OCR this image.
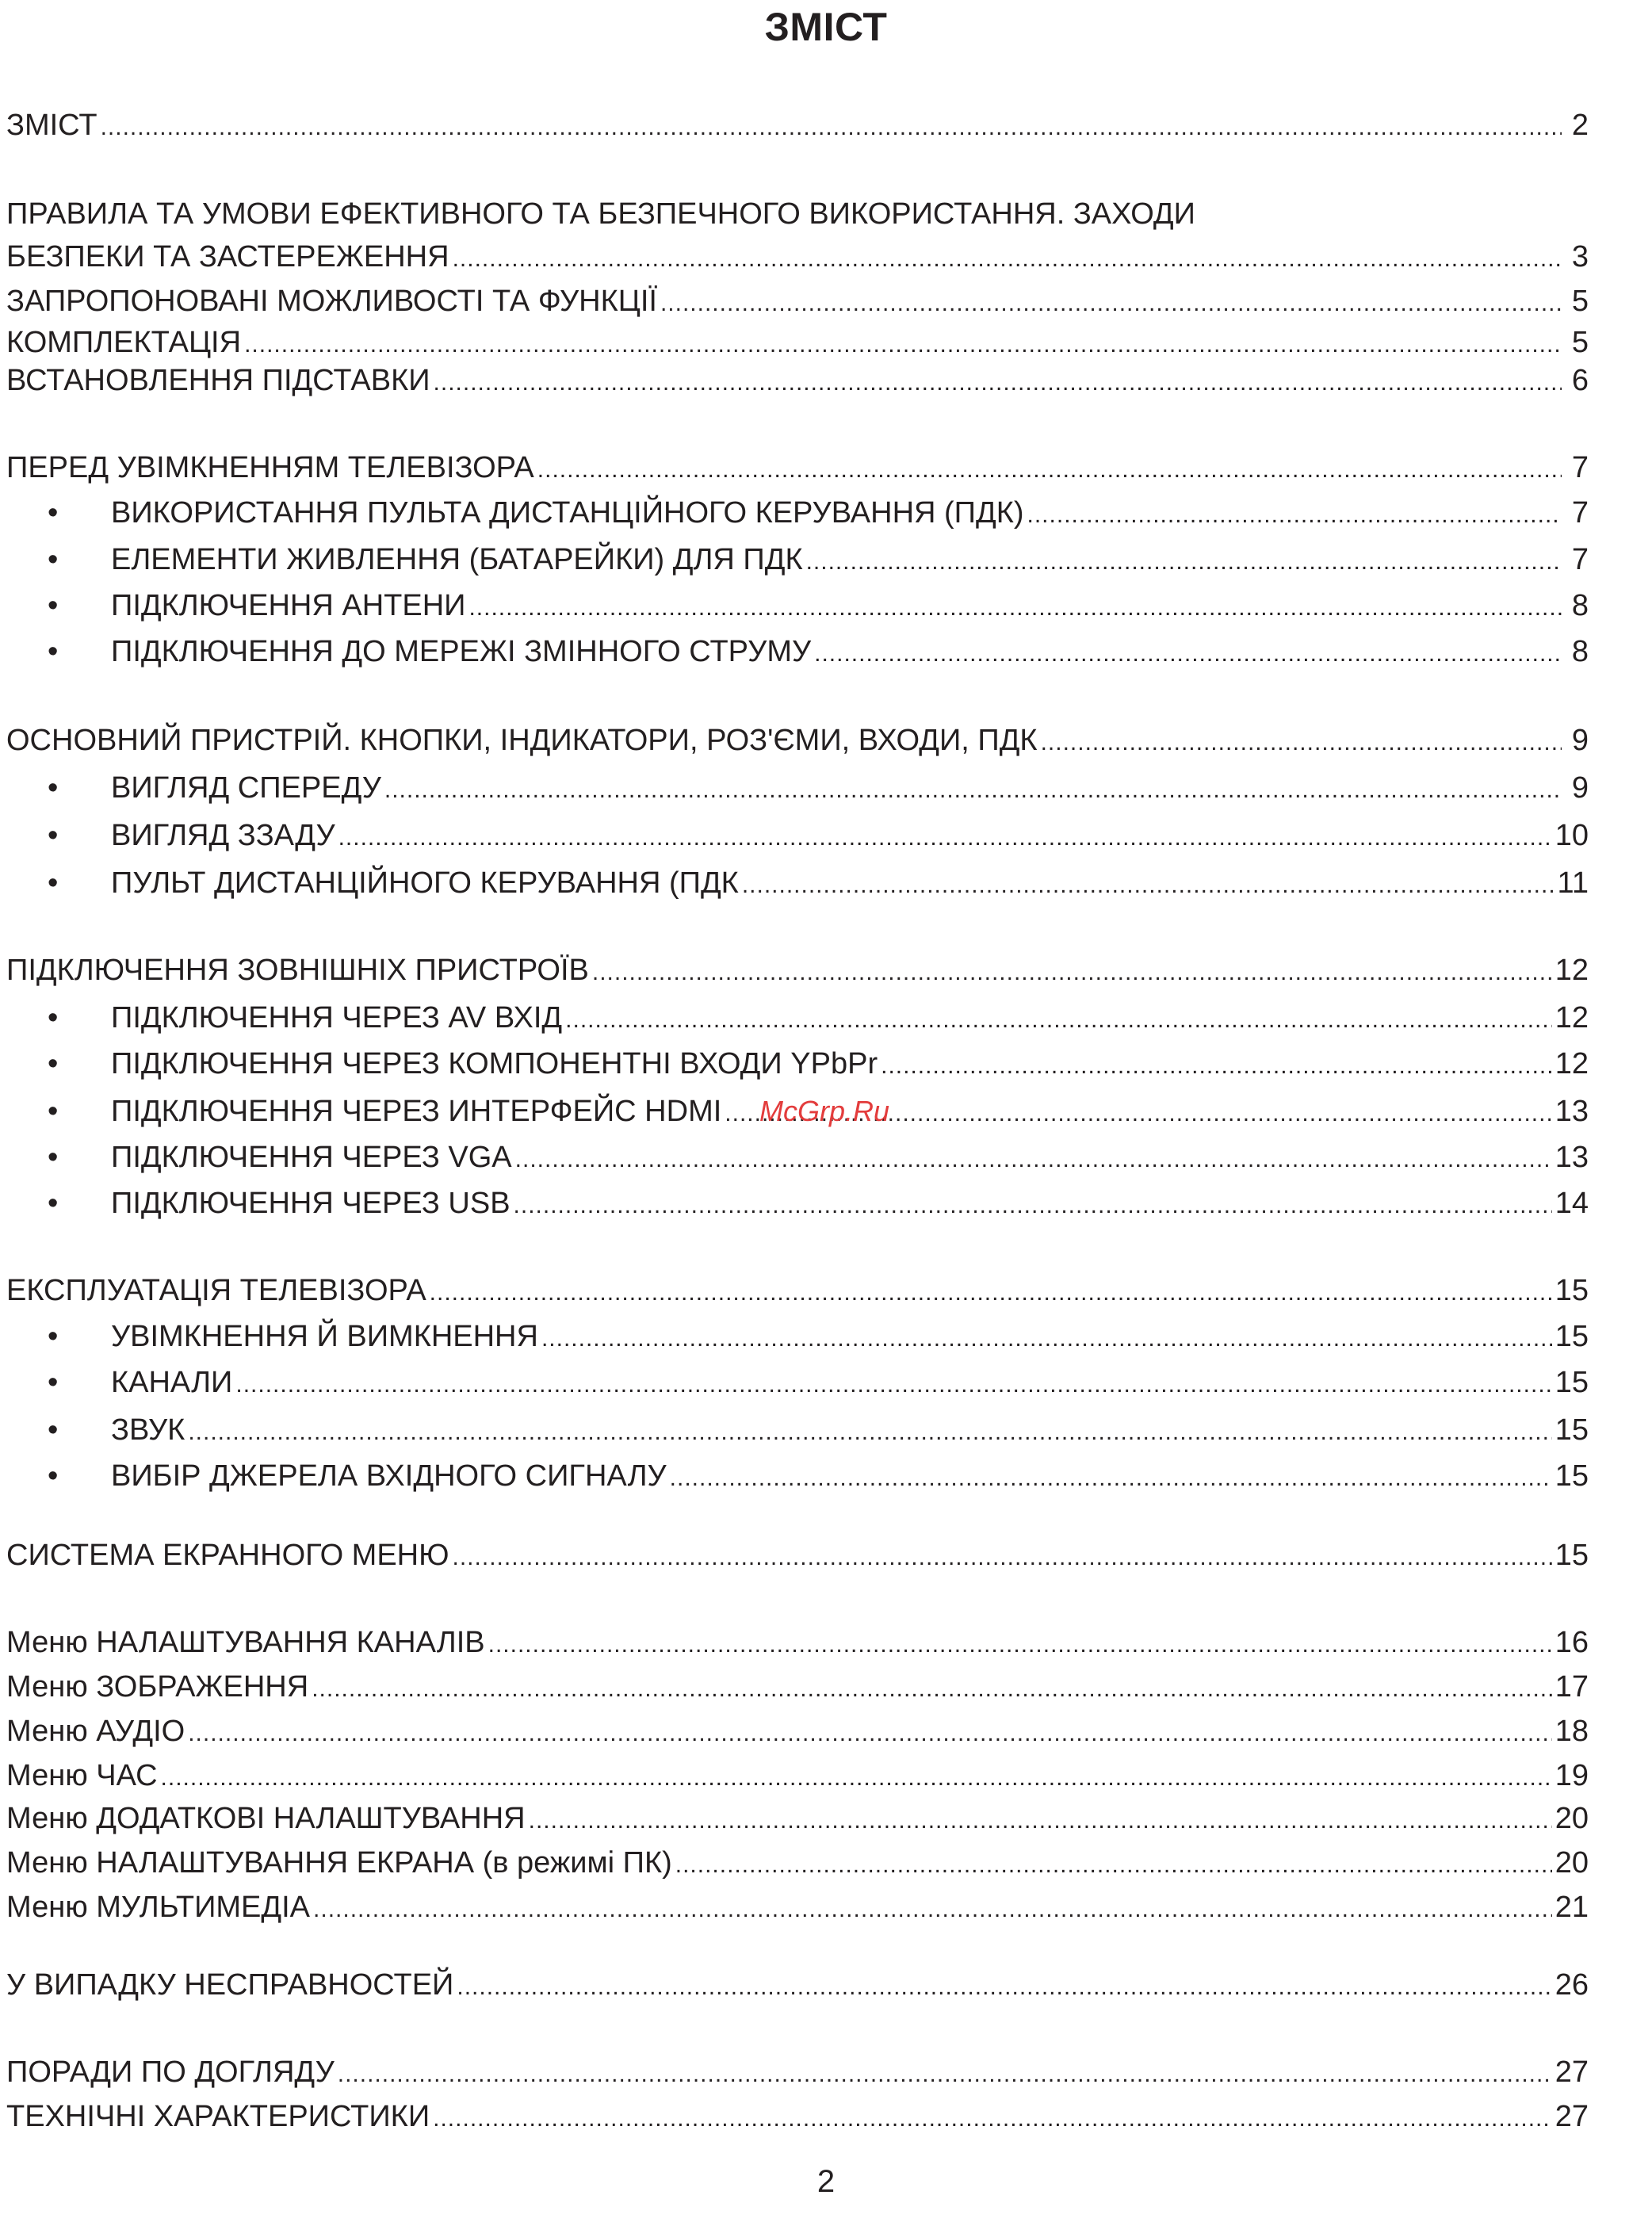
ЗМІСТ
ЗМІСТ .....	2
ПРАВИЛА ТА УМОВИ ЕФЕКТИВНОГО ТА БЕЗПЕЧНОГО ВИКОРИСТАННЯ. ЗАХОДИ
БЕЗПЕКИ ТА ЗАСТЕРЕЖЕННЯ .....	3
ЗАПРОПОНОВАНІ МОЖЛИВОСТІ ТА ФУНКЦІЇ .....	5
КОМПЛЕКТАЦІЯ .....	5
ВСТАНОВЛЕННЯ ПІДСТАВКИ .....	6
ПЕРЕД УВІМКНЕННЯМ ТЕЛЕВІЗОРА .....	7
•	ВИКОРИСТАННЯ ПУЛЬТА ДИСТАНЦІЙНОГО КЕРУВАННЯ (ПДК) .....	7
•	ЕЛЕМЕНТИ ЖИВЛЕННЯ (БАТАРЕЙКИ) ДЛЯ ПДК .....	7
•	ПІДКЛЮЧЕННЯ АНТЕНИ .....	8
•	ПІДКЛЮЧЕННЯ ДО МЕРЕЖІ ЗМІННОГО СТРУМУ .....	8
ОСНОВНИЙ ПРИСТРІЙ. КНОПКИ, ІНДИКАТОРИ, РОЗ'ЄМИ, ВХОДИ, ПДК .....	9
•	ВИГЛЯД СПЕРЕДУ .....	9
•	ВИГЛЯД ЗЗАДУ .....	10
•	ПУЛЬТ ДИСТАНЦІЙНОГО КЕРУВАННЯ (ПДК .....	11
ПІДКЛЮЧЕННЯ ЗОВНІШНІХ ПРИСТРОЇВ .....	12
•	ПІДКЛЮЧЕННЯ ЧЕРЕЗ AV ВХІД .....	12
•	ПІДКЛЮЧЕННЯ ЧЕРЕЗ КОМПОНЕНТНІ ВХОДИ YPbPr .....	12
•	ПІДКЛЮЧЕННЯ ЧЕРЕЗ ИНТЕРФЕЙС HDMI .....	13
•	ПІДКЛЮЧЕННЯ ЧЕРЕЗ VGA .....	13
•	ПІДКЛЮЧЕННЯ ЧЕРЕЗ USB .....	14
ЕКСПЛУАТАЦІЯ ТЕЛЕВІЗОРА .....	15
•	УВІМКНЕННЯ Й ВИМКНЕННЯ .....	15
•	КАНАЛИ .....	15
•	ЗВУК .....	15
•	ВИБІР ДЖЕРЕЛА ВХІДНОГО СИГНАЛУ .....	15
СИСТЕМА ЕКРАННОГО МЕНЮ .....	15
Меню НАЛАШТУВАННЯ КАНАЛІВ .....	16
Меню ЗОБРАЖЕННЯ .....	17
Меню АУДІО .....	18
Меню ЧАС .....	19
Меню ДОДАТКОВІ НАЛАШТУВАННЯ .....	20
Меню НАЛАШТУВАННЯ ЕКРАНА (в режимі ПК) .....	20
Меню МУЛЬТИМЕДІА .....	21
У ВИПАДКУ НЕСПРАВНОСТЕЙ .....	26
ПОРАДИ ПО ДОГЛЯДУ .....	27
ТЕХНІЧНІ ХАРАКТЕРИСТИКИ .....	27
McGrp.Ru
2
